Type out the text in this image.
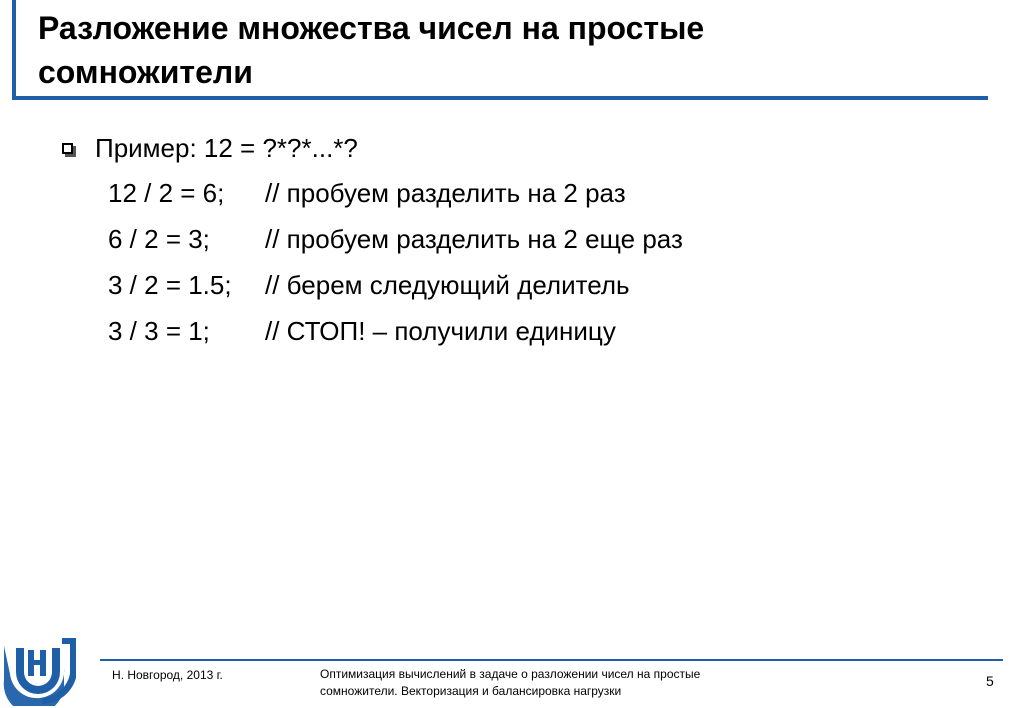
Разложение множества чисел на простые
сомножители
Пример: 12 = ?*?*...*?
12 / 2 = 6; // пробуем разделить на 2 раз
6 / 2 = 3; // пробуем разделить на 2 еще раз
3 / 2 = 1.5; // берем следующий делитель
3 / 3 = 1; // СТОП! – получили единицу
Н. Новгород, 2013 г.	Оптимизация вычислений в задаче о разложении чисел на простые
сомножители. Векторизация и балансировка нагрузки

5
